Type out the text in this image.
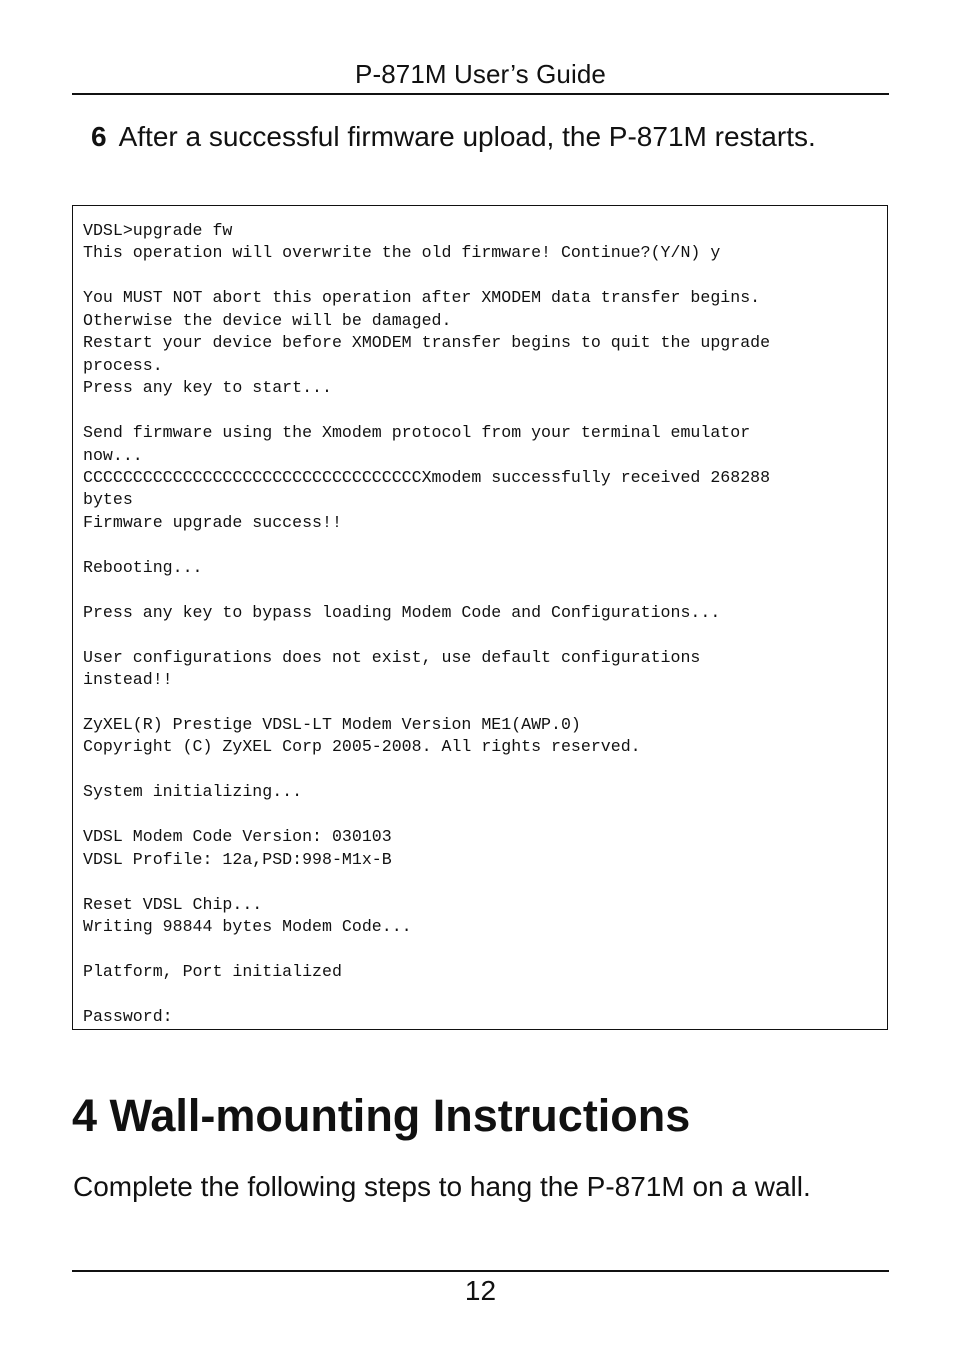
P-871M User’s Guide
6 After a successful firmware upload, the P-871M restarts.
VDSL>upgrade fw
This operation will overwrite the old firmware! Continue?(Y/N) y

You MUST NOT abort this operation after XMODEM data transfer begins.
Otherwise the device will be damaged.
Restart your device before XMODEM transfer begins to quit the upgrade
process.
Press any key to start...

Send firmware using the Xmodem protocol from your terminal emulator
now...
CCCCCCCCCCCCCCCCCCCCCCCCCCCCCCCCCCXmodem successfully received 268288
bytes
Firmware upgrade success!!

Rebooting...

Press any key to bypass loading Modem Code and Configurations...

User configurations does not exist, use default configurations
instead!!

ZyXEL(R) Prestige VDSL-LT Modem Version ME1(AWP.0)
Copyright (C) ZyXEL Corp 2005-2008. All rights reserved.

System initializing...

VDSL Modem Code Version: 030103
VDSL Profile: 12a,PSD:998-M1x-B

Reset VDSL Chip...
Writing 98844 bytes Modem Code...

Platform, Port initialized

Password:
4 Wall-mounting Instructions

Complete the following steps to hang the P-871M on a wall.

12
